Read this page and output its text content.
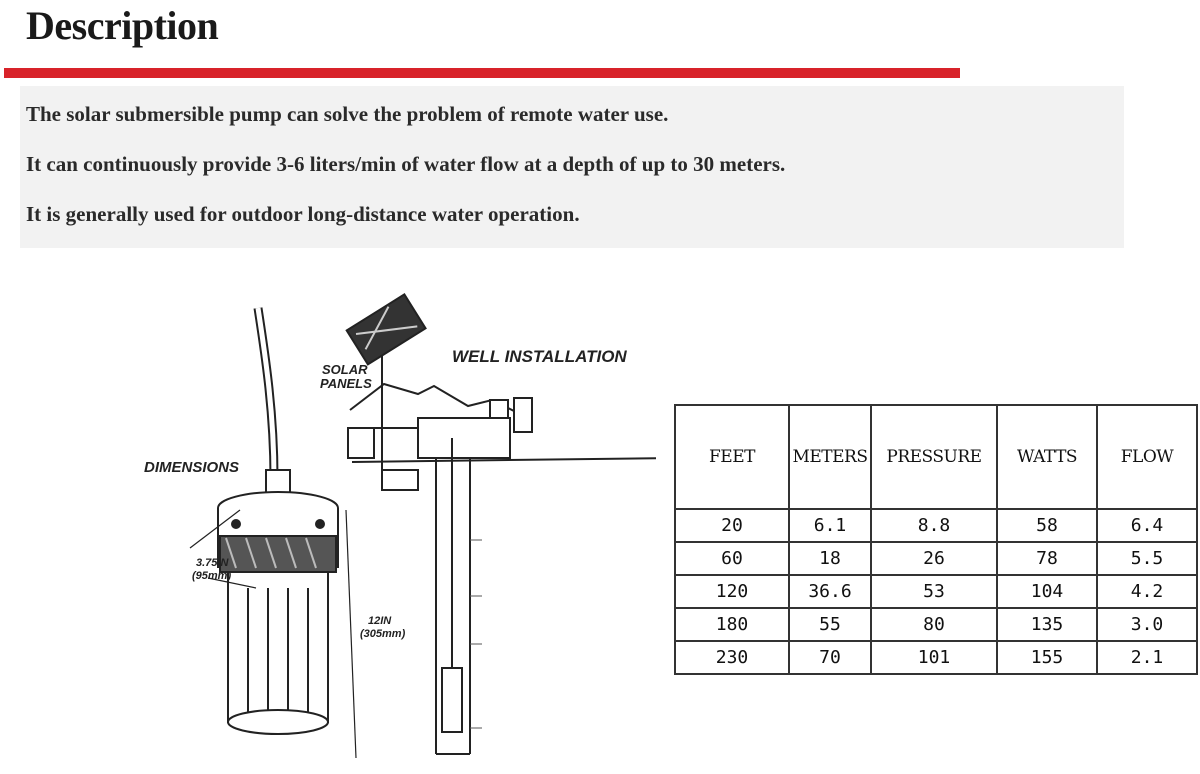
Description
The solar submersible pump can solve the problem of remote water use.
It can continuously provide 3-6 liters/min of water flow at a depth of up to 30 meters.
It is generally used for outdoor long-distance water operation.
DIMENSIONS
3.75IN
(95mm)
12IN
(305mm)
SOLAR
PANELS
WELL INSTALLATION
FEET	METERS	PRESSURE	WATTS	FLOW
20	6.1	8.8	58	6.4
60	18	26	78	5.5
120	36.6	53	104	4.2
180	55	80	135	3.0
230	70	101	155	2.1
